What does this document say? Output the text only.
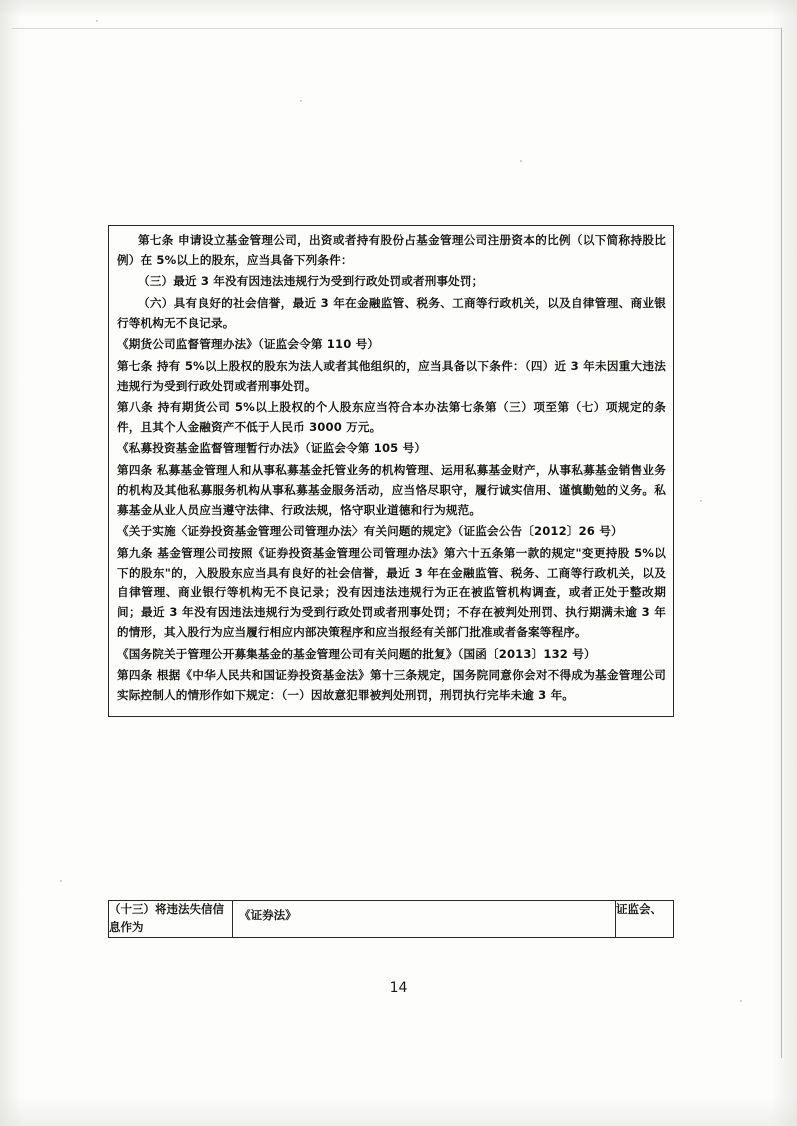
第七条 申请设立基金管理公司，出资或者持有股份占基金管理公司注册资本的比例（以下简称持股比例）在 5%以上的股东，应当具备下列条件：

（三）最近 3 年没有因违法违规行为受到行政处罚或者刑事处罚；

（六）具有良好的社会信誉，最近 3 年在金融监管、税务、工商等行政机关，以及自律管理、商业银行等机构无不良记录。

《期货公司监督管理办法》（证监会令第 110 号）

第七条 持有 5%以上股权的股东为法人或者其他组织的，应当具备以下条件：（四）近 3 年未因重大违法违规行为受到行政处罚或者刑事处罚。

第八条 持有期货公司 5%以上股权的个人股东应当符合本办法第七条第（三）项至第（七）项规定的条件，且其个人金融资产不低于人民币 3000 万元。

《私募投资基金监督管理暂行办法》（证监会令第 105 号）

第四条 私募基金管理人和从事私募基金托管业务的机构管理、运用私募基金财产，从事私募基金销售业务的机构及其他私募服务机构从事私募基金服务活动，应当恪尽职守，履行诚实信用、谨慎勤勉的义务。私募基金从业人员应当遵守法律、行政法规，恪守职业道德和行为规范。

《关于实施〈证券投资基金管理公司管理办法〉有关问题的规定》（证监会公告〔2012〕26 号）

第九条 基金管理公司按照《证券投资基金管理公司管理办法》第六十五条第一款的规定"变更持股 5%以下的股东"的，入股股东应当具有良好的社会信誉，最近 3 年在金融监管、税务、工商等行政机关，以及自律管理、商业银行等机构无不良记录；没有因违法违规行为正在被监管机构调查，或者正处于整改期间；最近 3 年没有因违法违规行为受到行政处罚或者刑事处罚；不存在被判处刑罚、执行期满未逾 3 年的情形，其入股行为应当履行相应内部决策程序和应当报经有关部门批准或者备案等程序。

《国务院关于管理公开募集基金的基金管理公司有关问题的批复》（国函〔2013〕132 号）

第四条 根据《中华人民共和国证券投资基金法》第十三条规定，国务院同意你会对不得成为基金管理公司实际控制人的情形作如下规定：（一）因故意犯罪被判处刑罚，刑罚执行完毕未逾 3 年。

（十三）将违法失信信息作为	《证券法》	证监会、
14
